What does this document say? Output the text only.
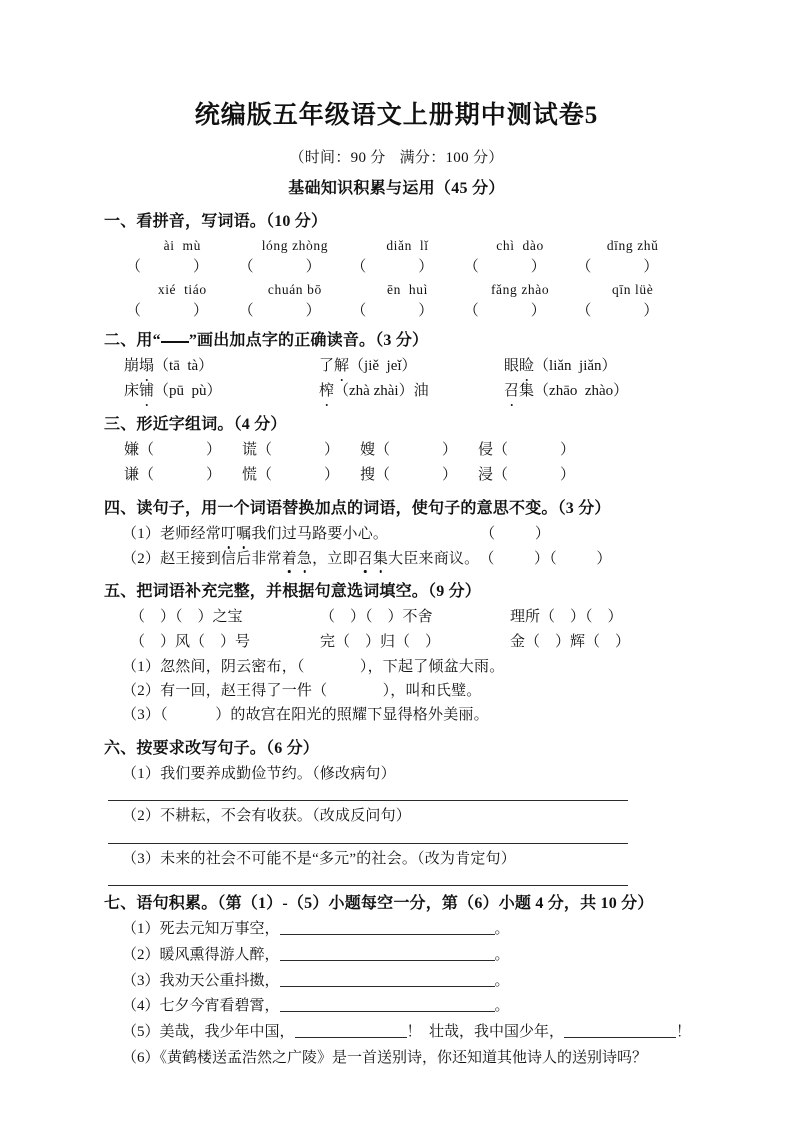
统编版五年级语文上册期中测试卷5
（时间：90 分 满分：100 分）
基础知识积累与运用（45 分）
一、看拼音，写词语。（10 分）
ài  mù	lóng zhòng	diǎn  lǐ	chì  dào	dīng zhǔ
（	）	（	）	（	）	（	）	（	）
xié  tiáo	chuán bō	ēn  huì	fǎng zhào	qīn lüè
（	）	（	）	（	）	（	）	（	）
二、用“ ”画出加点字的正确读音。（3 分）
崩塌（tā  tà）	了解（jiě  jeǐ）	眼睑（liǎn  jiǎn）
床铺（pū  pù）	榨（zhà zhài）油	召集（zhāo  zhào）
三、形近字组词。（4 分）
嫌（	）	谎（	）	嫂（	）	侵（	）
谦（	）	慌（	）	搜（	）	浸（	）
四、读句子，用一个词语替换加点的词语，使句子的意思不变。（3 分）
（1）老师经常叮嘱我们过马路要小心。	（          ）
（2）赵王接到信后非常着急，立即召集大臣来商议。 （          ）（          ）
五、把词语补充完整，并根据句意选词填空。（9 分）
（    ）（    ）之宝	（    ）（    ）不舍	理所（    ）（    ）
（    ）风（    ）号	完（    ）归（    ）	金（    ）辉（    ）
（1）忽然间，阴云密布，（              ），下起了倾盆大雨。
（2）有一回，赵王得了一件（              ），叫和氏璧。
（3）（            ）的故宫在阳光的照耀下显得格外美丽。
六、按要求改写句子。（6 分）
（1）我们要养成勤俭节约。（修改病句）
（2）不耕耘，不会有收获。（改成反问句）
（3）未来的社会不可能不是“多元”的社会。（改为肯定句）
七、语句积累。（第（1）-（5）小题每空一分，第（6）小题 4 分，共 10 分）
（1）死去元知万事空，	。
（2）暖风熏得游人醉，	。
（3）我劝天公重抖擞，	。
（4）七夕今宵看碧霄，	。
（5）美哉，我少年中国，	！  壮哉，我中国少年，	！
（6）《黄鹤楼送孟浩然之广陵》是一首送别诗，你还知道其他诗人的送别诗吗？
